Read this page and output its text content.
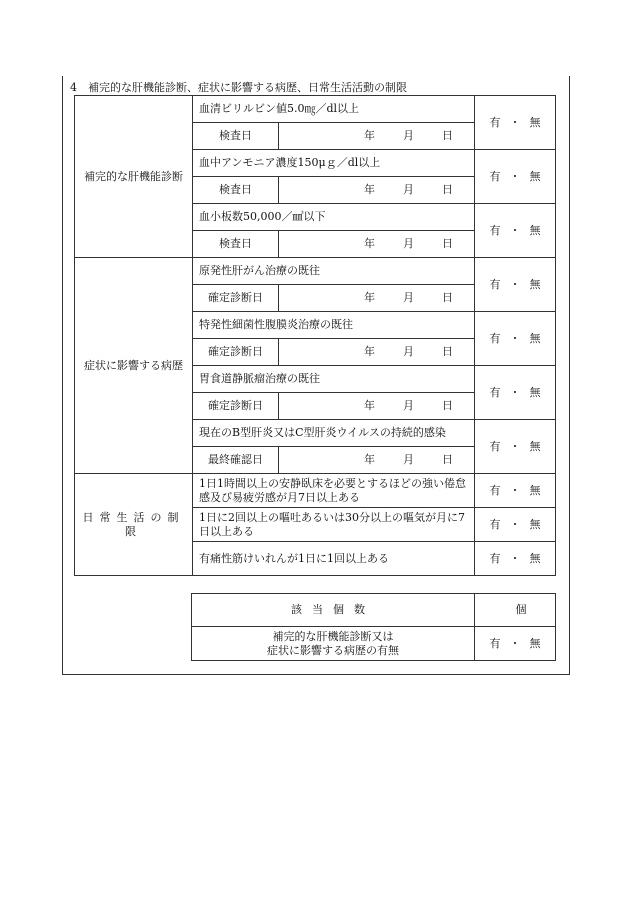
4　補完的な肝機能診断、症状に影響する病歴、日常生活活動の制限
補完的な肝機能診断	血清ビリルビン値5.0㎎／dl以上		有 ・ 無
	検査日	年 月 日	
	血中アンモニア濃度150μｇ／dl以上		有 ・ 無
	検査日	年 月 日	
	血小板数50,000／㎣以下		有 ・ 無
	検査日	年 月 日	
症状に影響する病歴	原発性肝がん治療の既往		有 ・ 無
	確定診断日	年 月 日	
	特発性細菌性腹膜炎治療の既往		有 ・ 無
	確定診断日	年 月 日	
	胃食道静脈瘤治療の既往		有 ・ 無
	確定診断日	年 月 日	
	現在のB型肝炎又はC型肝炎ウイルスの持続的感染		有 ・ 無
	最終確認日	年 月 日	
日常生活の制限	1日1時間以上の安静臥床を必要とするほどの強い倦怠感及び易疲労感が月7日以上ある		有 ・ 無
	1日に2回以上の嘔吐あるいは30分以上の嘔気が月に7日以上ある		有 ・ 無
	有痛性筋けいれんが1日に1回以上ある		有 ・ 無
該当個数	個

補完的な肝機能診断又は
症状に影響する病歴の有無	有 ・ 無
